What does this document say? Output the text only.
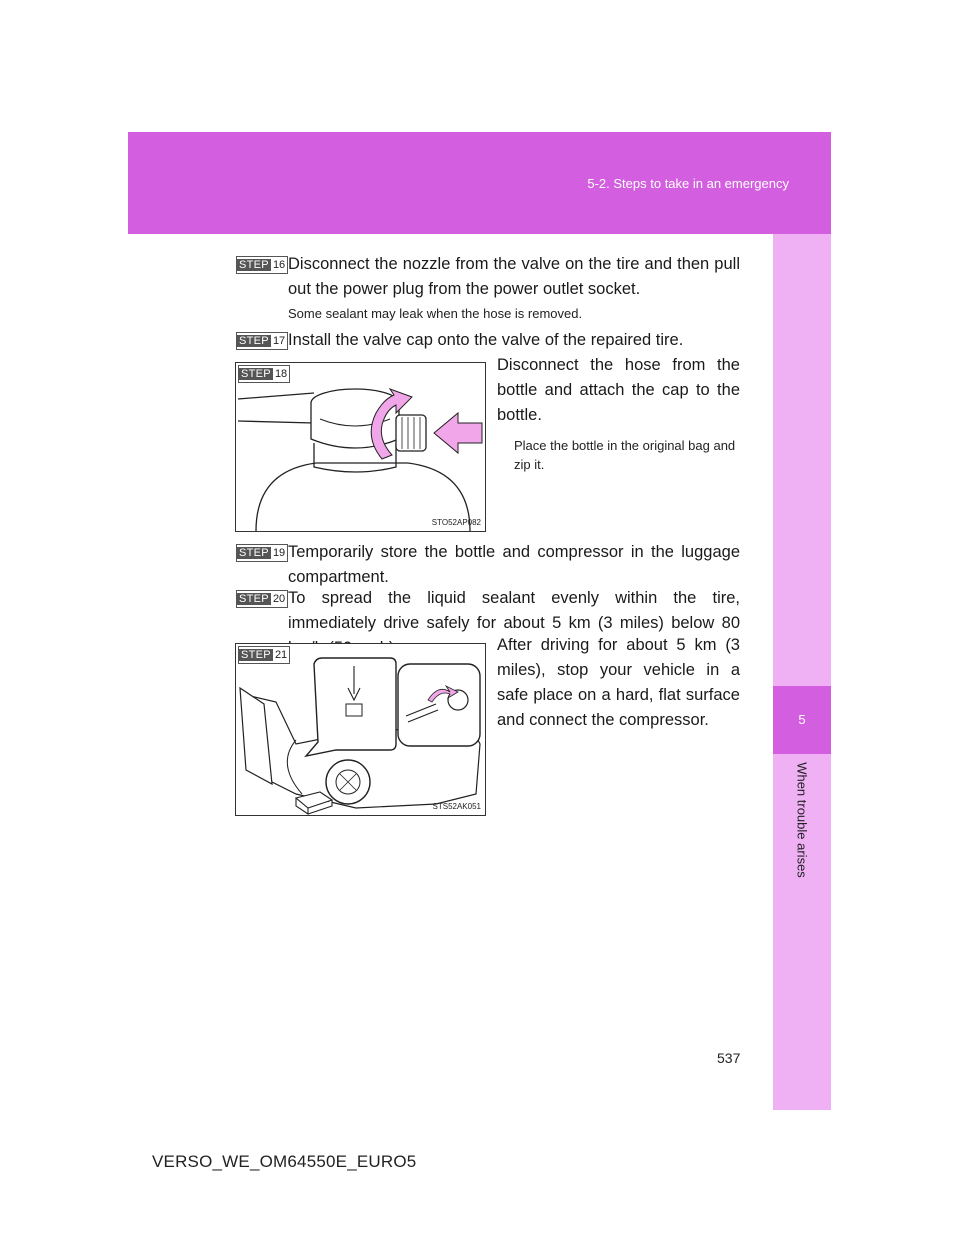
5-2. Steps to take in an emergency
5
When trouble arises
STEP 16 Disconnect the nozzle from the valve on the tire and then pull out the power plug from the power outlet socket.
Some sealant may leak when the hose is removed.
STEP 17 Install the valve cap onto the valve of the repaired tire.
STEP 18
STO52AP082
Disconnect the hose from the bottle and attach the cap to the bottle.
Place the bottle in the original bag and zip it.
STEP 19 Temporarily store the bottle and compressor in the luggage compartment.
STEP 20 To spread the liquid sealant evenly within the tire, immediately drive safely for about 5 km (3 miles) below 80
STEP 21
STS52AK051
After driving for about 5 km (3 miles), stop your vehicle in a safe place on a hard, flat surface and connect the compressor.
537
VERSO_WE_OM64550E_EURO5
